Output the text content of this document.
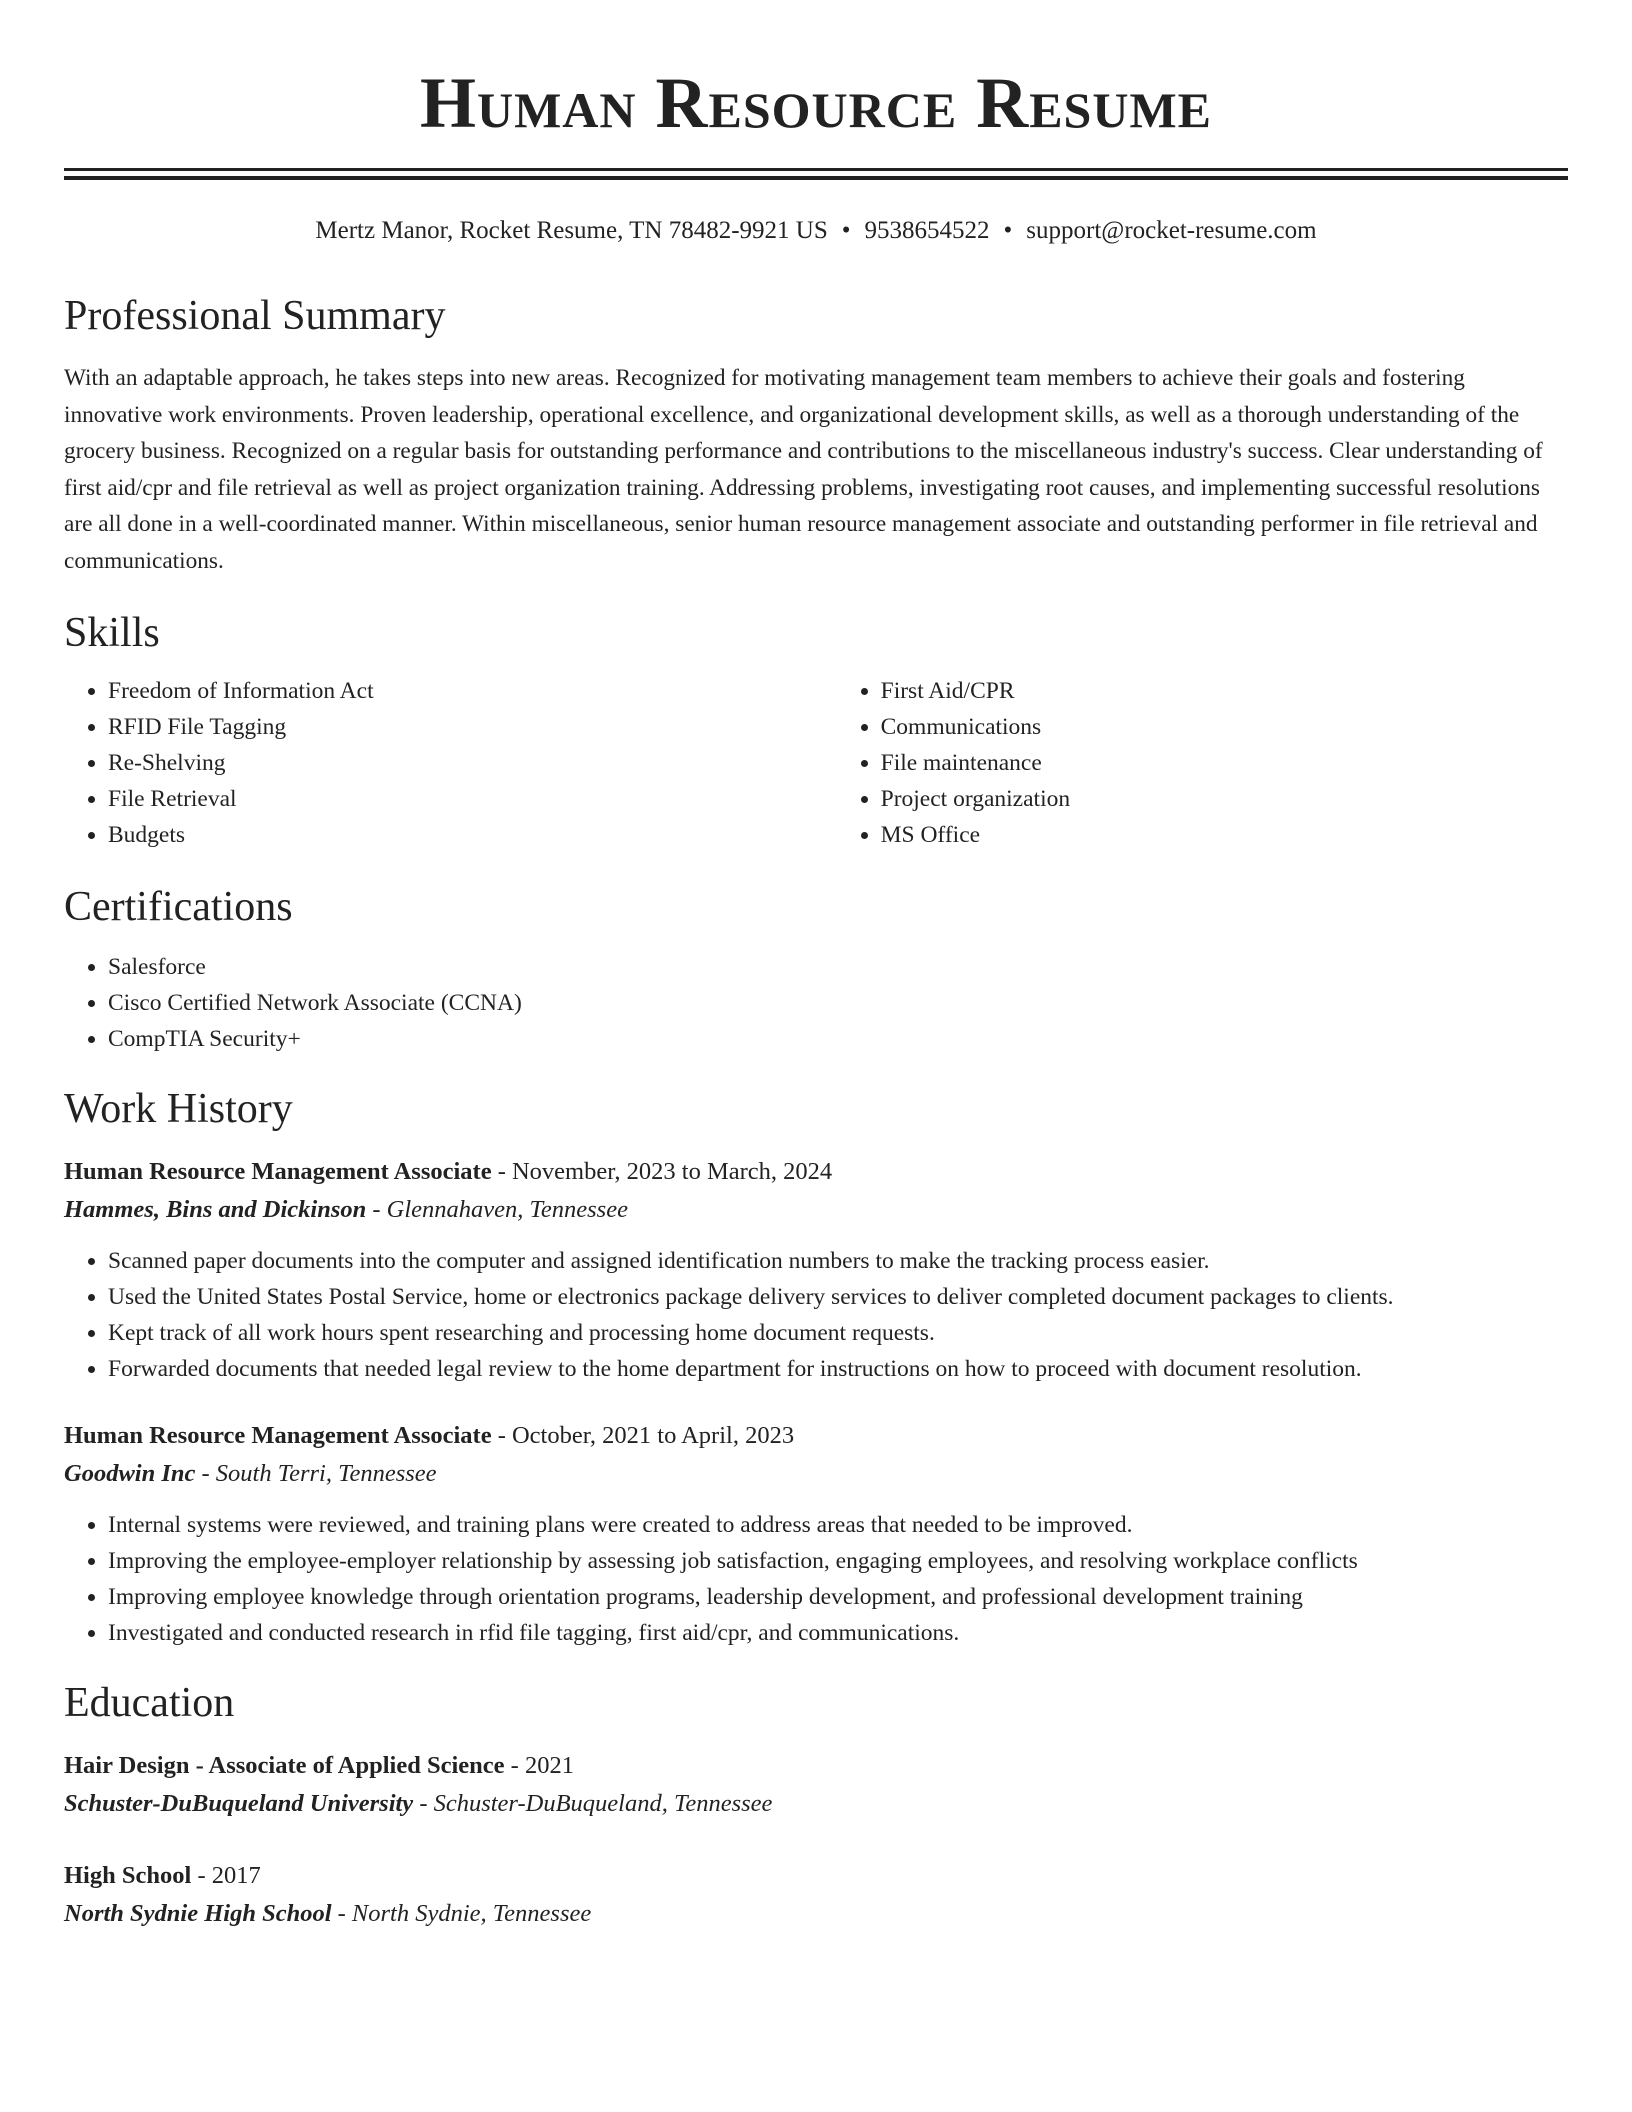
Human Resource Resume
Mertz Manor, Rocket Resume, TN 78482-9921 US • 9538654522 • support@rocket-resume.com
Professional Summary

With an adaptable approach, he takes steps into new areas. Recognized for motivating management team members to achieve their goals and fostering innovative work environments. Proven leadership, operational excellence, and organizational development skills, as well as a thorough understanding of the grocery business. Recognized on a regular basis for outstanding performance and contributions to the miscellaneous industry's success. Clear understanding of first aid/cpr and file retrieval as well as project organization training. Addressing problems, investigating root causes, and implementing successful resolutions are all done in a well-coordinated manner. Within miscellaneous, senior human resource management associate and outstanding performer in file retrieval and communications.

Skills
• Freedom of Information Act
• RFID File Tagging
• Re-Shelving
• File Retrieval
• Budgets
• First Aid/CPR
• Communications
• File maintenance
• Project organization
• MS Office
Certifications
• Salesforce
• Cisco Certified Network Associate (CCNA)
• CompTIA Security+
Work History
Human Resource Management Associate - November, 2023 to March, 2024
Hammes, Bins and Dickinson - Glennahaven, Tennessee
• Scanned paper documents into the computer and assigned identification numbers to make the tracking process easier.
• Used the United States Postal Service, home or electronics package delivery services to deliver completed document packages to clients.
• Kept track of all work hours spent researching and processing home document requests.
• Forwarded documents that needed legal review to the home department for instructions on how to proceed with document resolution.
Human Resource Management Associate - October, 2021 to April, 2023
Goodwin Inc - South Terri, Tennessee
• Internal systems were reviewed, and training plans were created to address areas that needed to be improved.
• Improving the employee-employer relationship by assessing job satisfaction, engaging employees, and resolving workplace conflicts
• Improving employee knowledge through orientation programs, leadership development, and professional development training
• Investigated and conducted research in rfid file tagging, first aid/cpr, and communications.
Education
Hair Design - Associate of Applied Science - 2021
Schuster-DuBuqueland University - Schuster-DuBuqueland, Tennessee
High School - 2017
North Sydnie High School - North Sydnie, Tennessee
